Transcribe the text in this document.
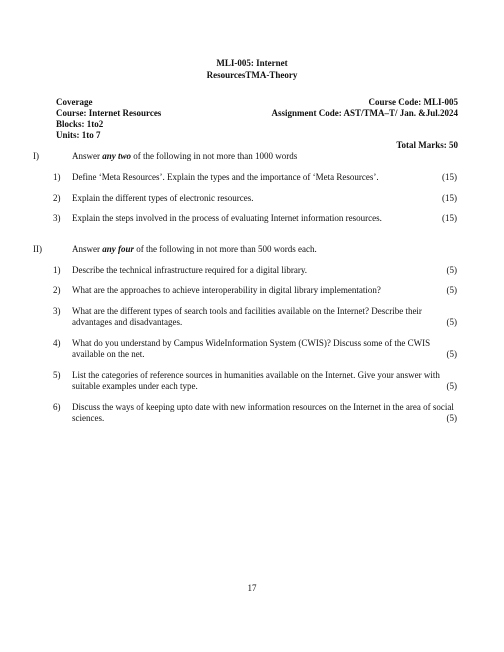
MLI-005: Internet
ResourcesTMA-Theory
Coverage
Course: Internet Resources
Blocks: 1to2
Units: 1to 7
Course Code: MLI-005
Assignment Code: AST/TMA–T/ Jan. &Jul.2024
Total Marks: 50
I)	Answer any two of the following in not more than 1000 words
1) Define ‘Meta Resources’. Explain the types and the importance of ‘Meta Resources’.	(15)
2) Explain the different types of electronic resources.	(15)
3) Explain the steps involved in the process of evaluating Internet information resources.	(15)
II)	Answer any four of the following in not more than 500 words each.
1) Describe the technical infrastructure required for a digital library.	(5)
2) What are the approaches to achieve interoperability in digital library implementation?	(5)
3) What are the different types of search tools and facilities available on the Internet? Describe their
advantages and disadvantages.	(5)
4) What do you understand by Campus WideInformation System (CWIS)? Discuss some of the CWIS
available on the net.	(5)
5) List the categories of reference sources in humanities available on the Internet. Give your answer with
suitable examples under each type.	(5)
6) Discuss the ways of keeping upto date with new information resources on the Internet in the area of social
sciences.	(5)
17
